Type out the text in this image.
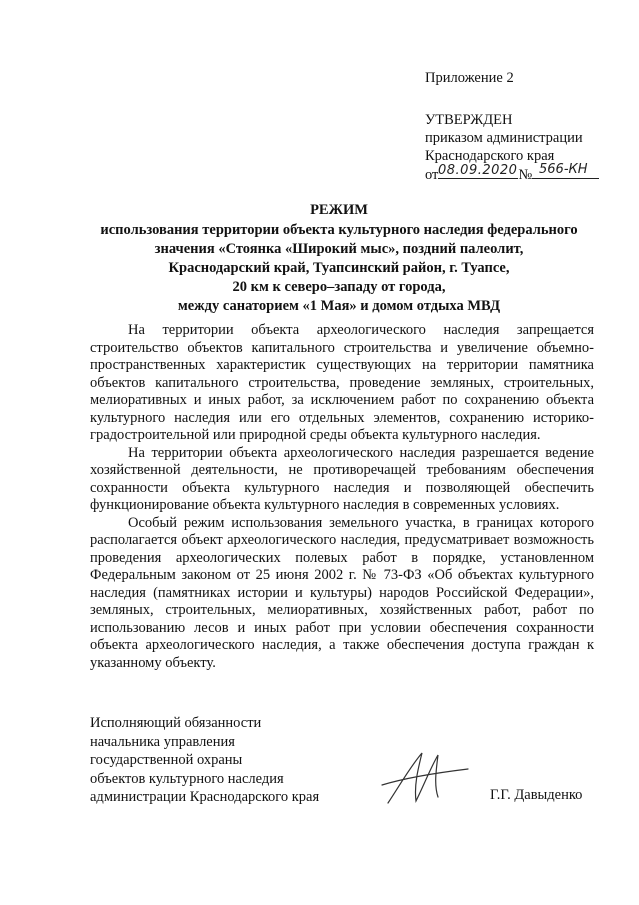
Приложение 2
УТВЕРЖДЕН
приказом администрации
Краснодарского края
от	№
08.09.2020 566-КН
РЕЖИМ
использования территории объекта культурного наследия федерального
значения «Стоянка «Широкий мыс», поздний палеолит,
Краснодарский край, Туапсинский район, г. Туапсе,
20 км к северо–западу от города,
между санаторием «1 Мая» и домом отдыха МВД

На территории объекта археологического наследия запрещается строительство объектов капитального строительства и увеличение объемно-пространственных характеристик существующих на территории памятника объектов капитального строительства, проведение земляных, строительных, мелиоративных и иных работ, за исключением работ по сохранению объекта культурного наследия или его отдельных элементов, сохранению историко-градостроительной или природной среды объекта культурного наследия.

На территории объекта археологического наследия разрешается ведение хозяйственной деятельности, не противоречащей требованиям обеспечения сохранности объекта культурного наследия и позволяющей обеспечить функционирование объекта культурного наследия в современных условиях.

Особый режим использования земельного участка, в границах которого располагается объект археологического наследия, предусматривает возможность проведения археологических полевых работ в порядке, установленном Федеральным законом от 25 июня 2002 г. № 73-ФЗ «Об объектах культурного наследия (памятниках истории и культуры) народов Российской Федерации», земляных, строительных, мелиоративных, хозяйственных работ, работ по использованию лесов и иных работ при условии обеспечения сохранности объекта археологического наследия, а также обеспечения доступа граждан к указанному объекту.

Исполняющий обязанности
начальника управления
государственной охраны
объектов культурного наследия
администрации Краснодарского края	Г.Г. Давыденко
